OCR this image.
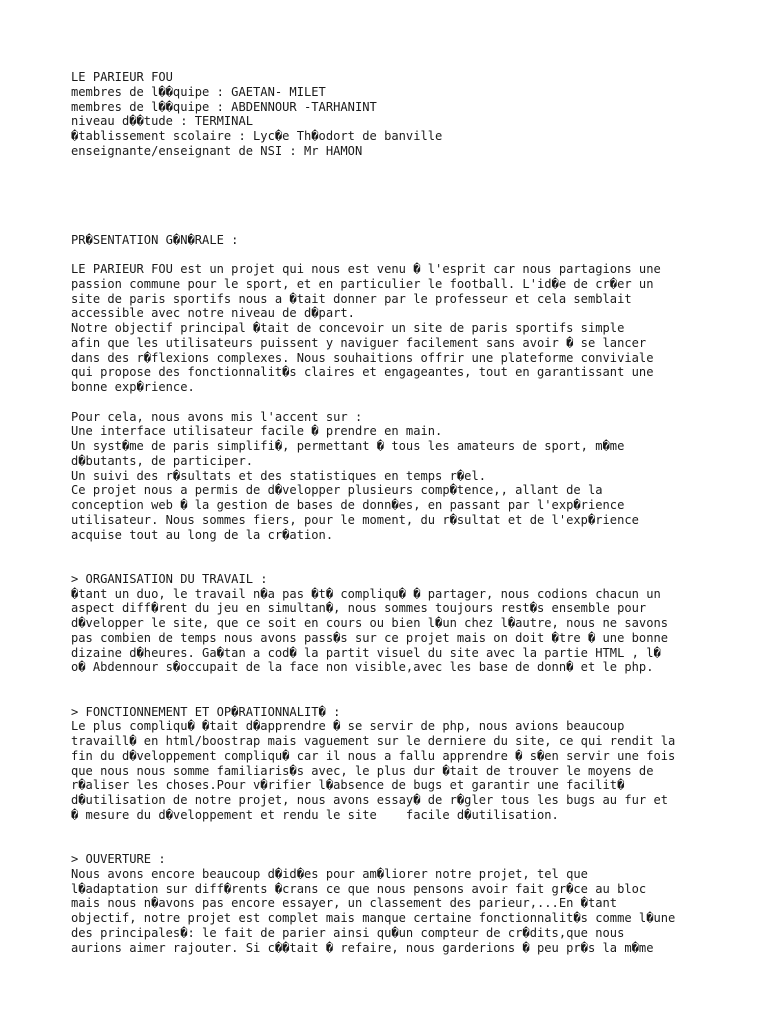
LE PARIEUR FOU
membres de l��quipe : GAETAN- MILET
membres de l��quipe : ABDENNOUR -TARHANINT
niveau d��tude : TERMINAL
�tablissement scolaire : Lyc�e Th�odort de banville
enseignante/enseignant de NSI : Mr HAMON
PR�SENTATION G�N�RALE :
LE PARIEUR FOU est un projet qui nous est venu � l'esprit car nous partagions une
passion commune pour le sport, et en particulier le football. L'id�e de cr�er un
site de paris sportifs nous a �tait donner par le professeur et cela semblait
accessible avec notre niveau de d�part.
Notre objectif principal �tait de concevoir un site de paris sportifs simple
afin que les utilisateurs puissent y naviguer facilement sans avoir � se lancer
dans des r�flexions complexes. Nous souhaitions offrir une plateforme conviviale
qui propose des fonctionnalit�s claires et engageantes, tout en garantissant une
bonne exp�rience.
Pour cela, nous avons mis l'accent sur :
Une interface utilisateur facile � prendre en main.
Un syst�me de paris simplifi�, permettant � tous les amateurs de sport, m�me
d�butants, de participer.
Un suivi des r�sultats et des statistiques en temps r�el.
Ce projet nous a permis de d�velopper plusieurs comp�tence,, allant de la
conception web � la gestion de bases de donn�es, en passant par l'exp�rience
utilisateur. Nous sommes fiers, pour le moment, du r�sultat et de l'exp�rience
acquise tout au long de la cr�ation.
> ORGANISATION DU TRAVAIL :
�tant un duo, le travail n�a pas �t� compliqu� � partager, nous codions chacun un
aspect diff�rent du jeu en simultan�, nous sommes toujours rest�s ensemble pour
d�velopper le site, que ce soit en cours ou bien l�un chez l�autre, nous ne savons
pas combien de temps nous avons pass�s sur ce projet mais on doit �tre � une bonne
dizaine d�heures. Ga�tan a cod� la partit visuel du site avec la partie HTML , l�
o� Abdennour s�occupait de la face non visible,avec les base de donn� et le php.
> FONCTIONNEMENT ET OP�RATIONNALIT� :
Le plus compliqu� �tait d�apprendre � se servir de php, nous avions beaucoup
travaill� en html/boostrap mais vaguement sur le derniere du site, ce qui rendit la
fin du d�veloppement compliqu� car il nous a fallu apprendre � s�en servir une fois
que nous nous somme familiaris�s avec, le plus dur �tait de trouver le moyens de
r�aliser les choses.Pour v�rifier l�absence de bugs et garantir une facilit�
d�utilisation de notre projet, nous avons essay� de r�gler tous les bugs au fur et
� mesure du d�veloppement et rendu le site    facile d�utilisation.
> OUVERTURE :
Nous avons encore beaucoup d�id�es pour am�liorer notre projet, tel que
l�adaptation sur diff�rents �crans ce que nous pensons avoir fait gr�ce au bloc
mais nous n�avons pas encore essayer, un classement des parieur,...En �tant
objectif, notre projet est complet mais manque certaine fonctionnalit�s comme l�une
des principales�: le fait de parier ainsi qu�un compteur de cr�dits,que nous
aurions aimer rajouter. Si c��tait � refaire, nous garderions � peu pr�s la m�me
